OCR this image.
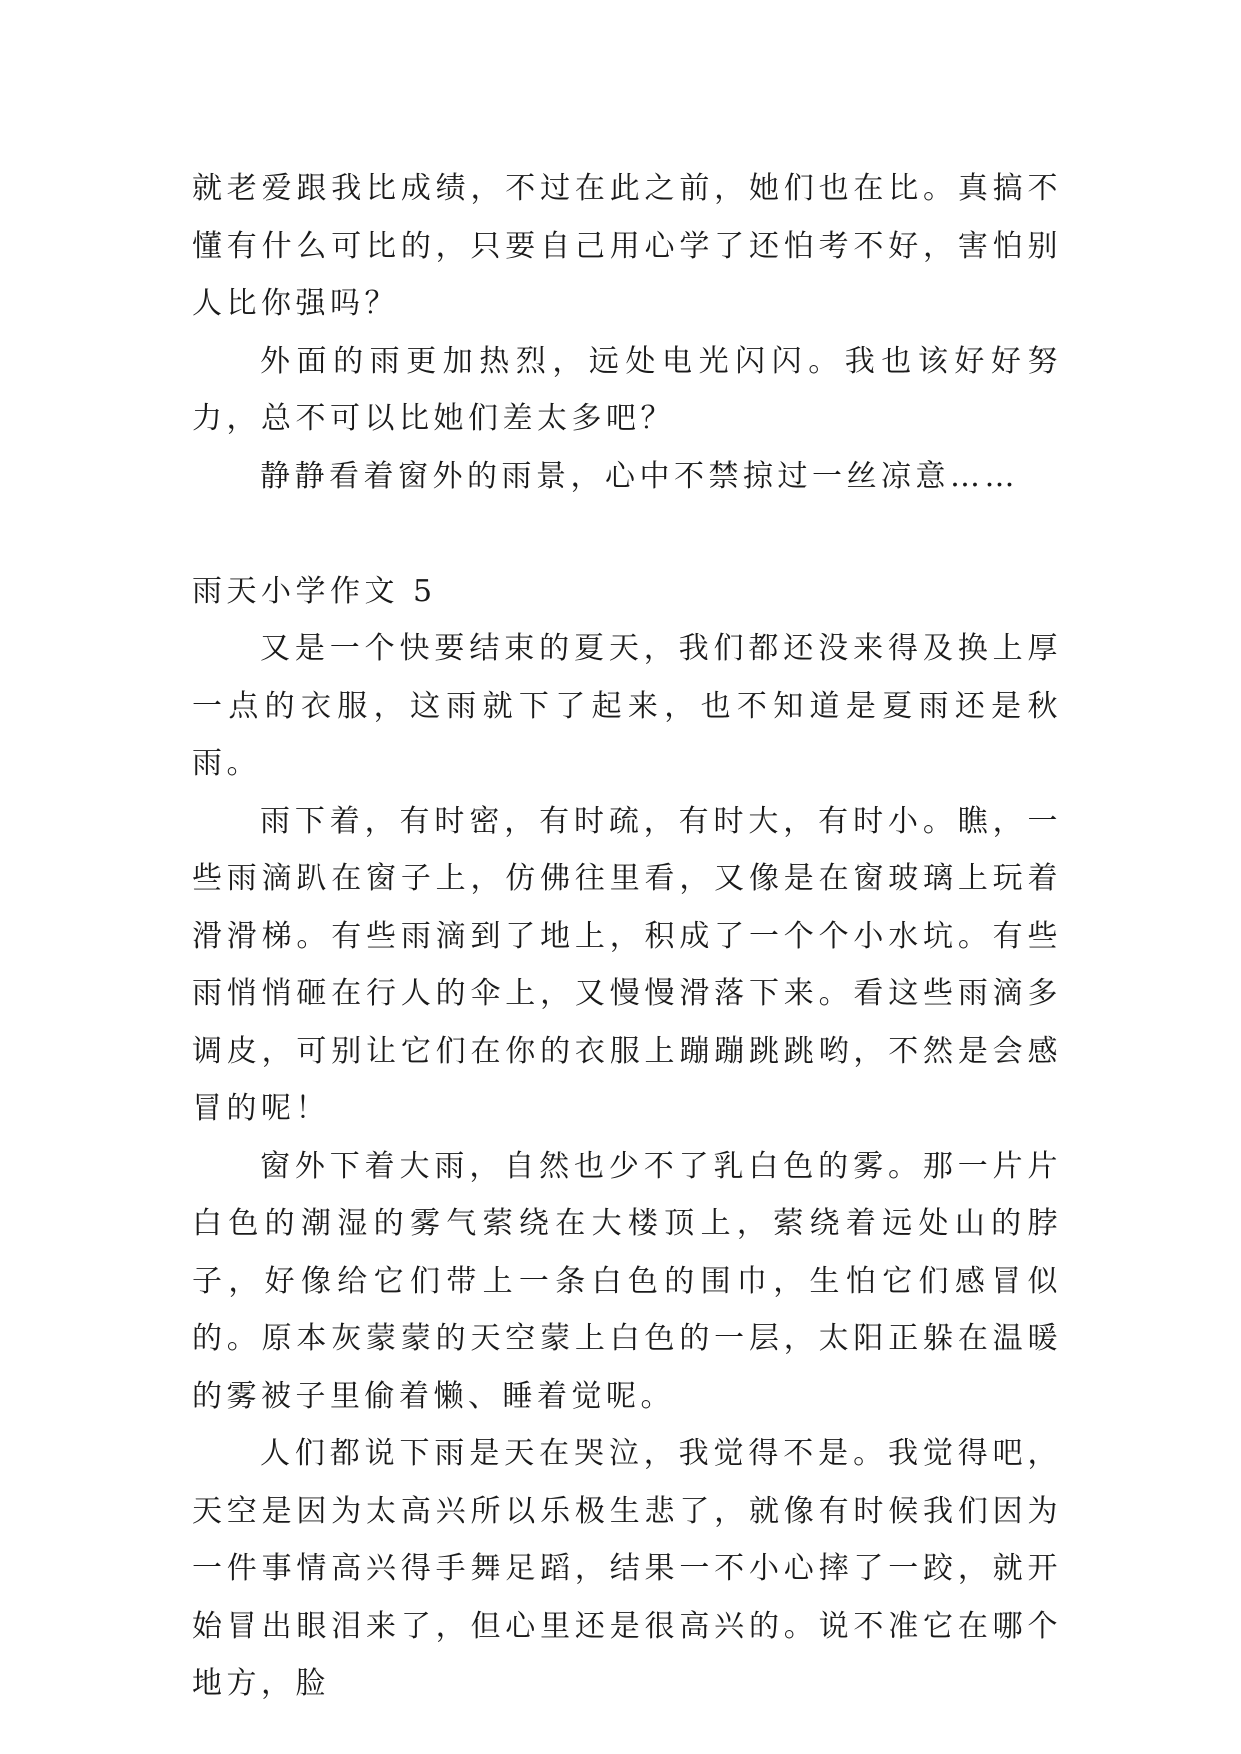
就老爱跟我比成绩，不过在此之前，她们也在比。真搞不懂有什么可比的，只要自己用心学了还怕考不好，害怕别人比你强吗？

外面的雨更加热烈，远处电光闪闪。我也该好好努力，总不可以比她们差太多吧？

静静看着窗外的雨景，心中不禁掠过一丝凉意……

雨天小学作文 5

又是一个快要结束的夏天，我们都还没来得及换上厚一点的衣服，这雨就下了起来，也不知道是夏雨还是秋雨。

雨下着，有时密，有时疏，有时大，有时小。瞧，一些雨滴趴在窗子上，仿佛往里看，又像是在窗玻璃上玩着滑滑梯。有些雨滴到了地上，积成了一个个小水坑。有些雨悄悄砸在行人的伞上，又慢慢滑落下来。看这些雨滴多调皮，可别让它们在你的衣服上蹦蹦跳跳哟，不然是会感冒的呢！

窗外下着大雨，自然也少不了乳白色的雾。那一片片白色的潮湿的雾气萦绕在大楼顶上，萦绕着远处山的脖子，好像给它们带上一条白色的围巾，生怕它们感冒似的。原本灰蒙蒙的天空蒙上白色的一层，太阳正躲在温暖的雾被子里偷着懒、睡着觉呢。

人们都说下雨是天在哭泣，我觉得不是。我觉得吧，天空是因为太高兴所以乐极生悲了，就像有时候我们因为一件事情高兴得手舞足蹈，结果一不小心摔了一跤，就开始冒出眼泪来了，但心里还是很高兴的。说不准它在哪个地方，脸
